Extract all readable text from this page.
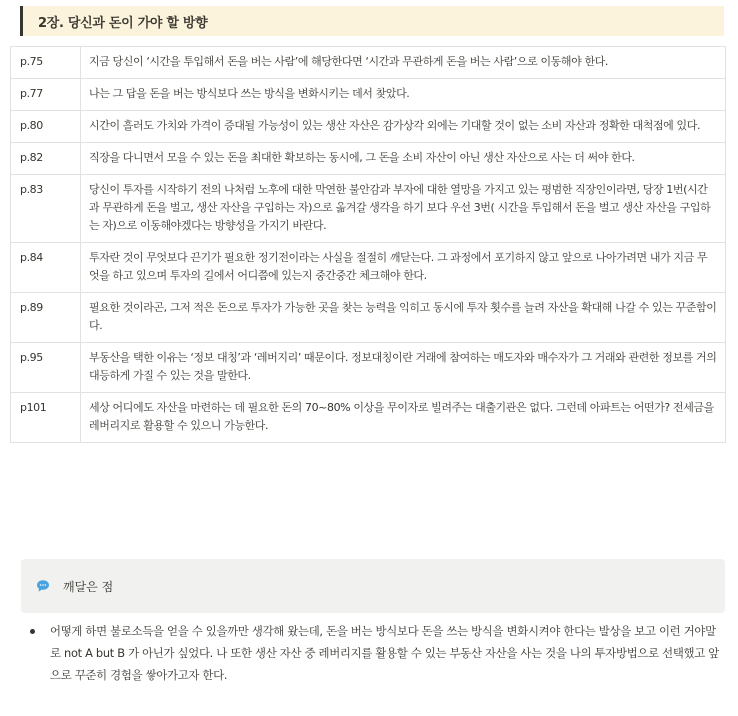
2장. 당신과 돈이 가야 할 방향
p.75	지금 당신이 ‘시간을 투입해서 돈을 버는 사람’에 해당한다면 ‘시간과 무관하게 돈을 버는 사람’으로 이동해야 한다.
p.77	나는 그 답을 돈을 버는 방식보다 쓰는 방식을 변화시키는 데서 찾았다.
p.80	시간이 흘러도 가치와 가격이 증대될 가능성이 있는 생산 자산은 감가상각 외에는 기대할 것이 없는 소비 자산과 정확한 대척점에 있다.
p.82	직장을 다니면서 모을 수 있는 돈을 최대한 확보하는 동시에, 그 돈을 소비 자산이 아닌 생산 자산으로 사는 더 써야 한다.
p.83	당신이 투자를 시작하기 전의 나처럼 노후에 대한 막연한 불안감과 부자에 대한 열망을 가지고 있는 평범한 직장인이라면, 당장 1번(시간과 무관하게 돈을 벌고, 생산 자산을 구입하는 자)으로 옮겨갈 생각을 하기 보다 우선 3번( 시간을 투입해서 돈을 벌고 생산 자산을 구입하는 자)으로 이동해야겠다는 방향성을 가지기 바란다.
p.84	투자란 것이 무엇보다 끈기가 필요한 정기전이라는 사실을 절절히 깨닫는다. 그 과정에서 포기하지 않고 앞으로 나아가려면 내가 지금 무엇을 하고 있으며 투자의 길에서 어디쯤에 있는지 중간중간 체크해야 한다.
p.89	필요한 것이라곤, 그저 적은 돈으로 투자가 가능한 곳을 찾는 능력을 익히고 동시에 투자 횟수를 늘려 자산을 확대해 나갈 수 있는 꾸준함이다.
p.95	부동산을 택한 이유는 ‘정보 대칭’과 ‘레버지리’ 때문이다. 정보대칭이란 거래에 참여하는 매도자와 매수자가 그 거래와 관련한 정보를 거의 대등하게 가질 수 있는 것을 말한다.
p101	세상 어디에도 자산을 마련하는 데 필요한 돈의 70~80% 이상을 무이자로 빌려주는 대출기관은 없다. 그런데 아파트는 어떤가? 전세금을 레버리지로 활용할 수 있으니 가능한다.
깨달은 점
어떻게 하면 불로소득을 얻을 수 있을까만 생각해 왔는데, 돈을 버는 방식보다 돈을 쓰는 방식을 변화시켜야 한다는 발상을 보고 이런 거야말로 not A but B 가 아닌가 싶었다. 나 또한 생산 자산 중 레버리지를 활용할 수 있는 부동산 자산을 사는 것을 나의 투자방법으로 선택했고 앞으로 꾸준히 경험을 쌓아가고자 한다.
